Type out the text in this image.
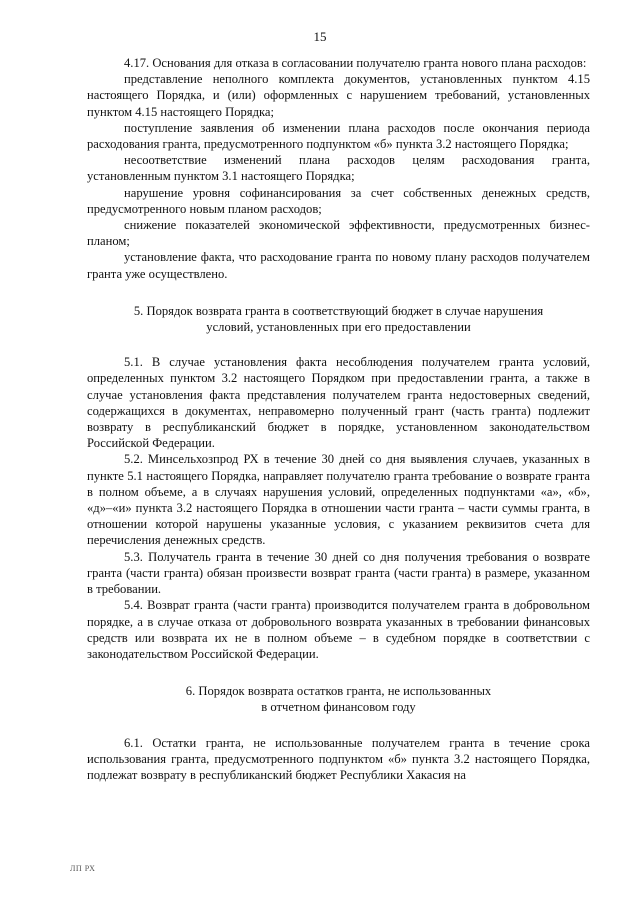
15

4.17. Основания для отказа в согласовании получателю гранта нового плана расходов:

представление неполного комплекта документов, установленных пунктом 4.15 настоящего Порядка, и (или) оформленных с нарушением требований, установленных пунктом 4.15 настоящего Порядка;

поступление заявления об изменении плана расходов после окончания периода расходования гранта, предусмотренного подпунктом «б» пункта 3.2 настоящего Порядка;

несоответствие изменений плана расходов целям расходования гранта, установленным пунктом 3.1 настоящего Порядка;

нарушение уровня софинансирования за счет собственных денежных средств, предусмотренного новым планом расходов;

снижение показателей экономической эффективности, предусмотренных бизнес-планом;

установление факта, что расходование гранта по новому плану расходов получателем гранта уже осуществлено.

5. Порядок возврата гранта в соответствующий бюджет в случае нарушения
условий, установленных при его предоставлении

5.1. В случае установления факта несоблюдения получателем гранта условий, определенных пунктом 3.2 настоящего Порядком при предоставлении гранта, а также в случае установления факта представления получателем гранта недостоверных сведений, содержащихся в документах, неправомерно полученный грант (часть гранта) подлежит возврату в республиканский бюджет в порядке, установленном законодательством Российской Федерации.

5.2. Минсельхозпрод РХ в течение 30 дней со дня выявления случаев, указанных в пункте 5.1 настоящего Порядка, направляет получателю гранта требование о возврате гранта в полном объеме, а в случаях нарушения условий, определенных подпунктами «а», «б», «д»–«и» пункта 3.2 настоящего Порядка в отношении части гранта – части суммы гранта, в отношении которой нарушены указанные условия, с указанием реквизитов счета для перечисления денежных средств.

5.3. Получатель гранта в течение 30 дней со дня получения требования о возврате гранта (части гранта) обязан произвести возврат гранта (части гранта) в размере, указанном в требовании.

5.4. Возврат гранта (части гранта) производится получателем гранта в добровольном порядке, а в случае отказа от добровольного возврата указанных в требовании финансовых средств или возврата их не в полном объеме – в судебном порядке в соответствии с законодательством Российской Федерации.

6. Порядок возврата остатков гранта, не использованных
в отчетном финансовом году

6.1. Остатки гранта, не использованные получателем гранта в течение срока использования гранта, предусмотренного подпунктом «б» пункта 3.2 настоящего Порядка, подлежат возврату в республиканский бюджет Республики Хакасия на

ЛП РХ
